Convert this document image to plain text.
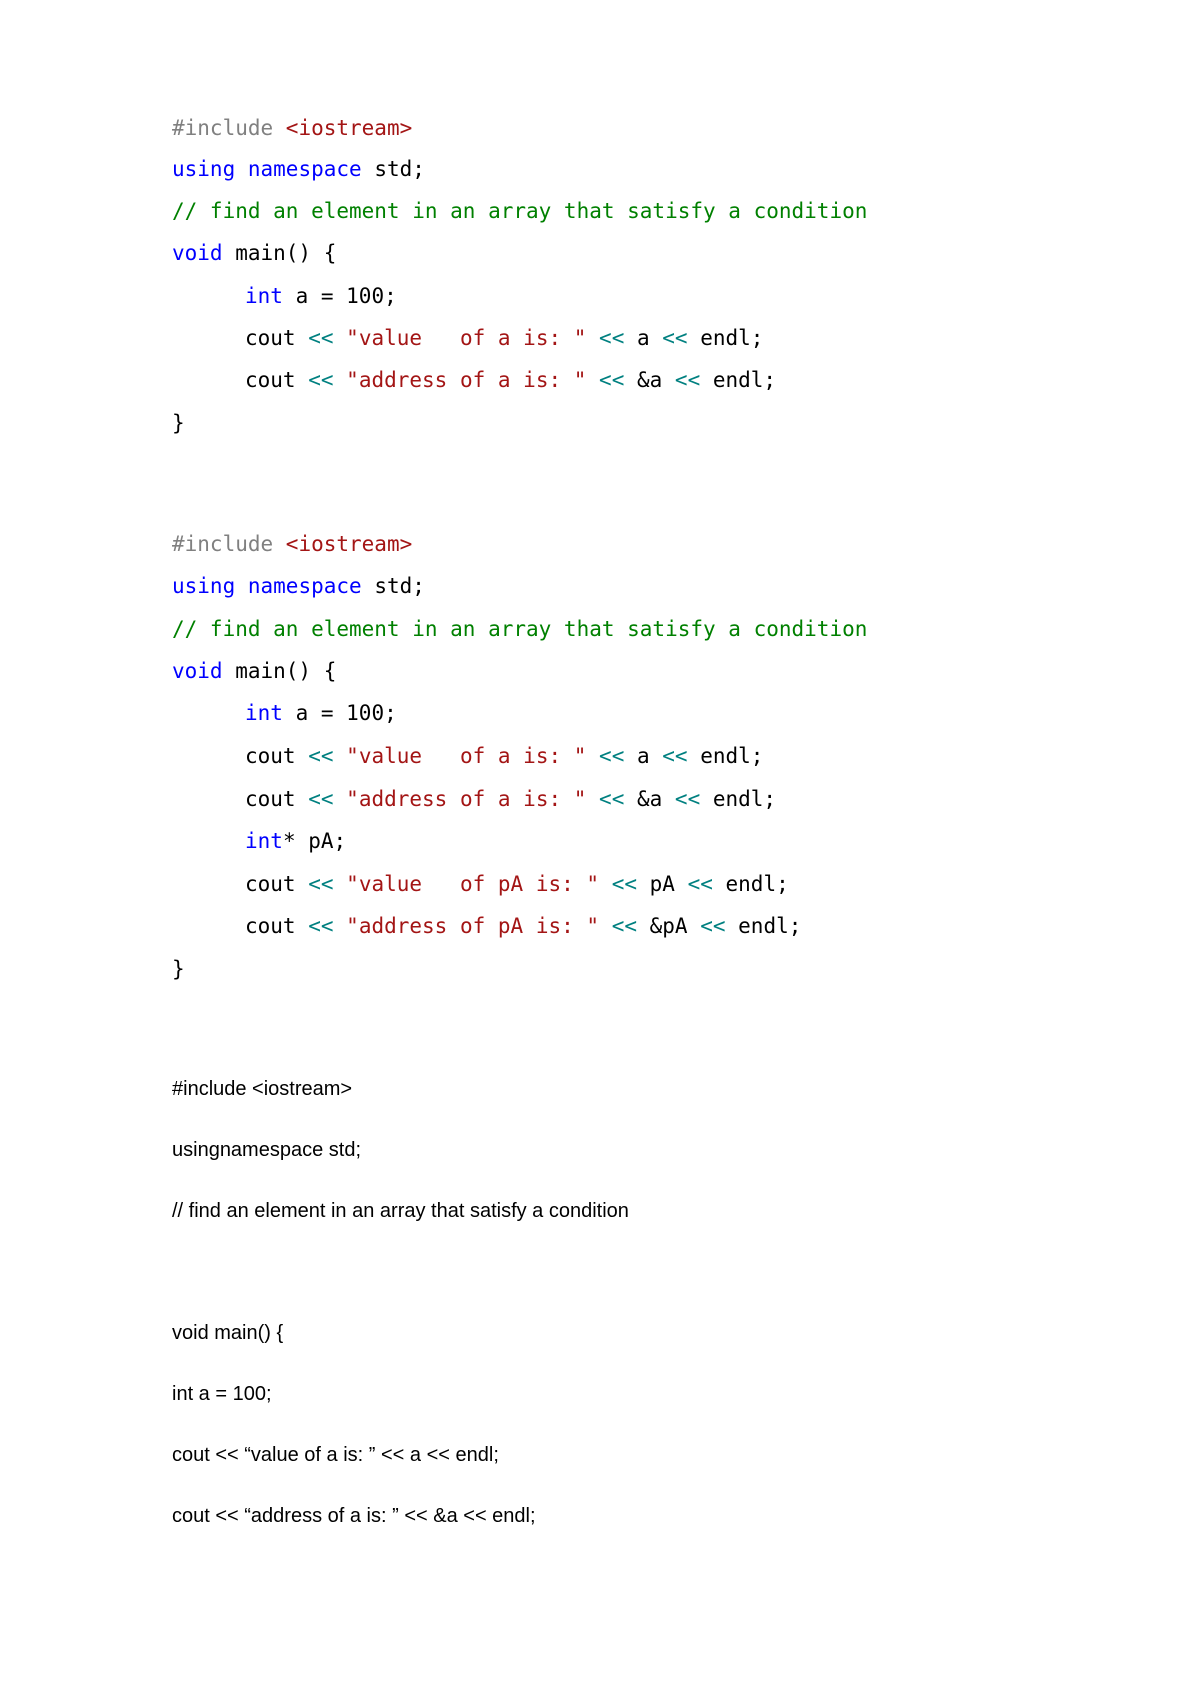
#include <iostream>
using namespace std;
// find an element in an array that satisfy a condition
void main() {
int a = 100;
cout << "value   of a is: " << a << endl;
cout << "address of a is: " << &a << endl;
}
#include <iostream>
using namespace std;
// find an element in an array that satisfy a condition
void main() {
int a = 100;
cout << "value   of a is: " << a << endl;
cout << "address of a is: " << &a << endl;
int* pA;
cout << "value   of pA is: " << pA << endl;
cout << "address of pA is: " << &pA << endl;
}
#include <iostream>
usingnamespace std;
// find an element in an array that satisfy a condition
void main() {
int a = 100;
cout << “value of a is: ” << a << endl;
cout << “address of a is: ” << &a << endl;
